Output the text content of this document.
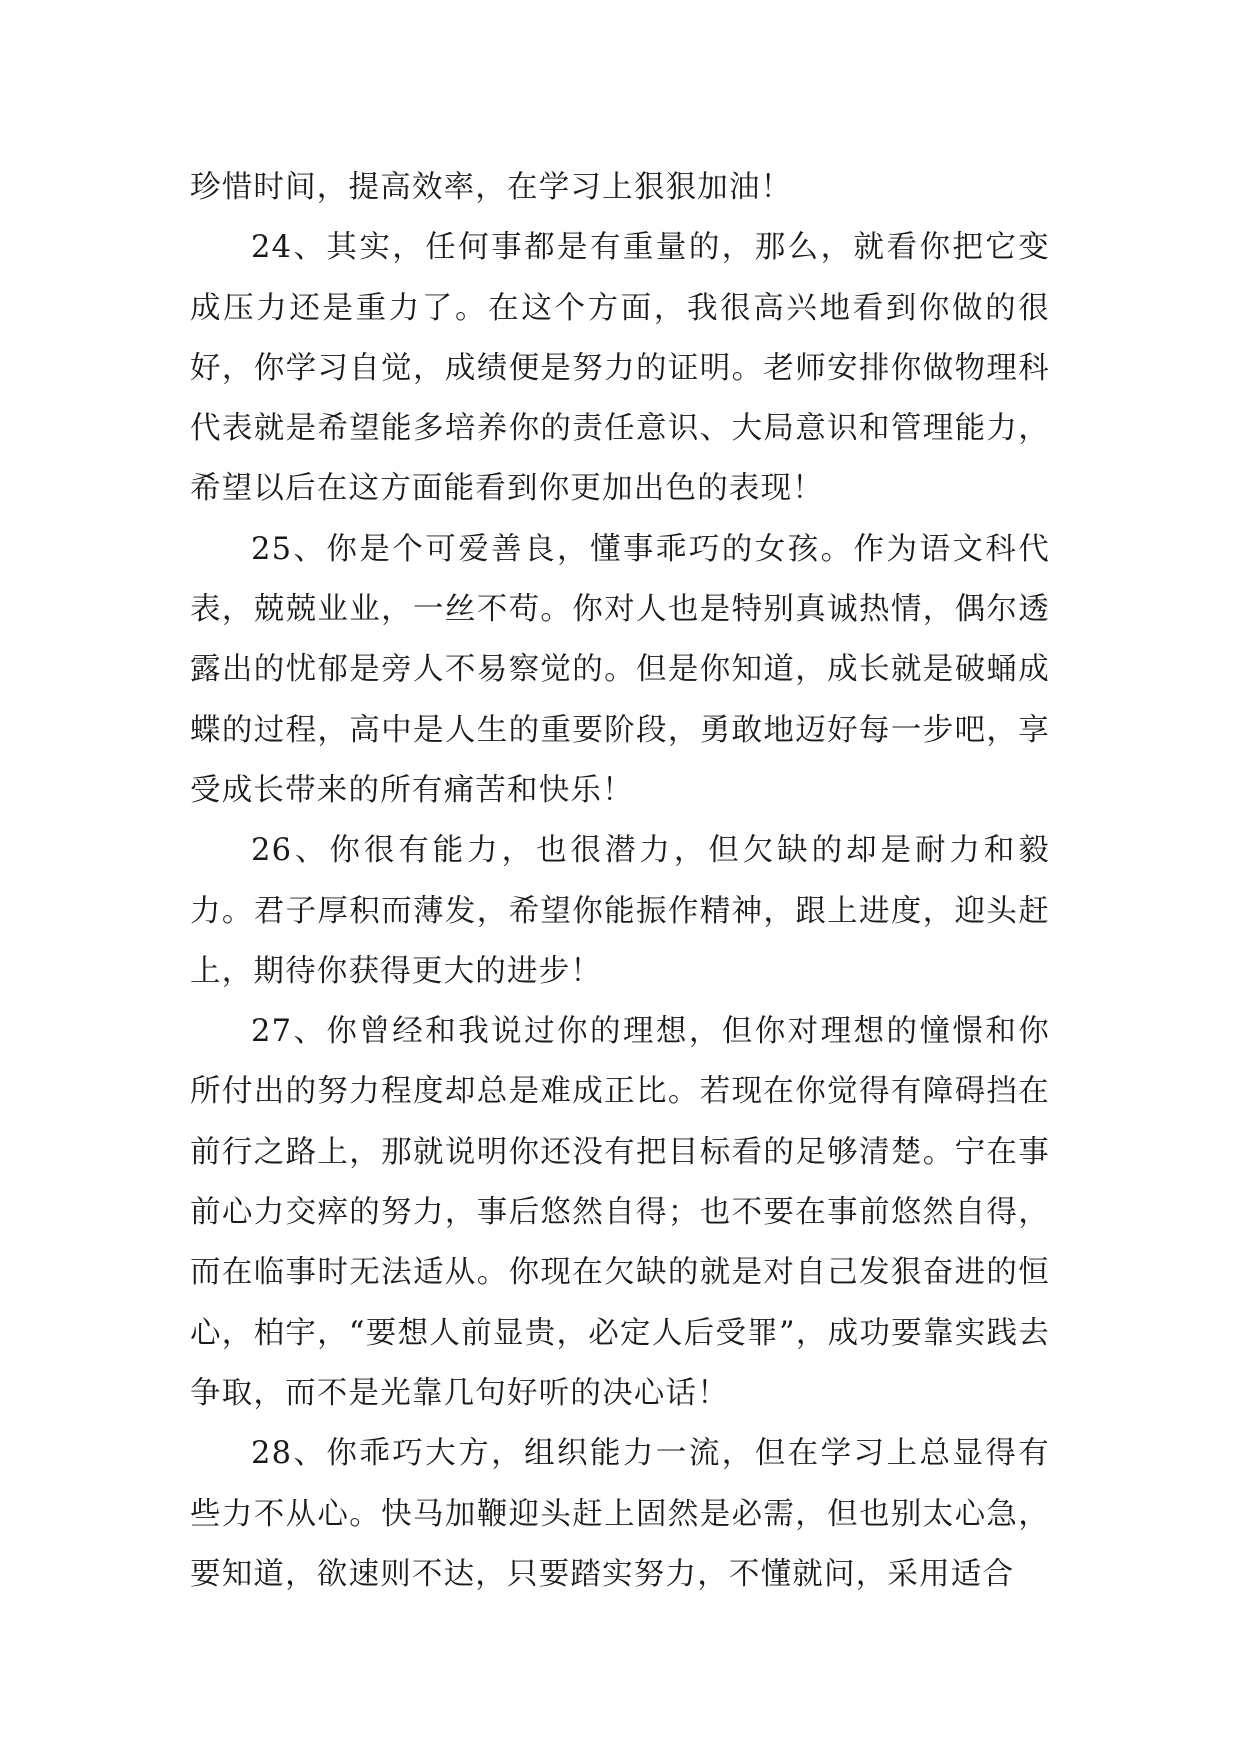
珍惜时间，提高效率，在学习上狠狠加油！

24、其实，任何事都是有重量的，那么，就看你把它变成压力还是重力了。在这个方面，我很高兴地看到你做的很好，你学习自觉，成绩便是努力的证明。老师安排你做物理科代表就是希望能多培养你的责任意识、大局意识和管理能力，希望以后在这方面能看到你更加出色的表现！

25、你是个可爱善良，懂事乖巧的女孩。作为语文科代表，兢兢业业，一丝不苟。你对人也是特别真诚热情，偶尔透露出的忧郁是旁人不易察觉的。但是你知道，成长就是破蛹成蝶的过程，高中是人生的重要阶段，勇敢地迈好每一步吧，享受成长带来的所有痛苦和快乐！

26、你很有能力，也很潜力，但欠缺的却是耐力和毅力。君子厚积而薄发，希望你能振作精神，跟上进度，迎头赶上，期待你获得更大的进步！

27、你曾经和我说过你的理想，但你对理想的憧憬和你所付出的努力程度却总是难成正比。若现在你觉得有障碍挡在前行之路上，那就说明你还没有把目标看的足够清楚。宁在事前心力交瘁的努力，事后悠然自得；也不要在事前悠然自得，而在临事时无法适从。你现在欠缺的就是对自己发狠奋进的恒心，柏宇，“要想人前显贵，必定人后受罪”，成功要靠实践去争取，而不是光靠几句好听的决心话！

28、你乖巧大方，组织能力一流，但在学习上总显得有些力不从心。快马加鞭迎头赶上固然是必需，但也别太心急，要知道，欲速则不达，只要踏实努力，不懂就问，采用适合
